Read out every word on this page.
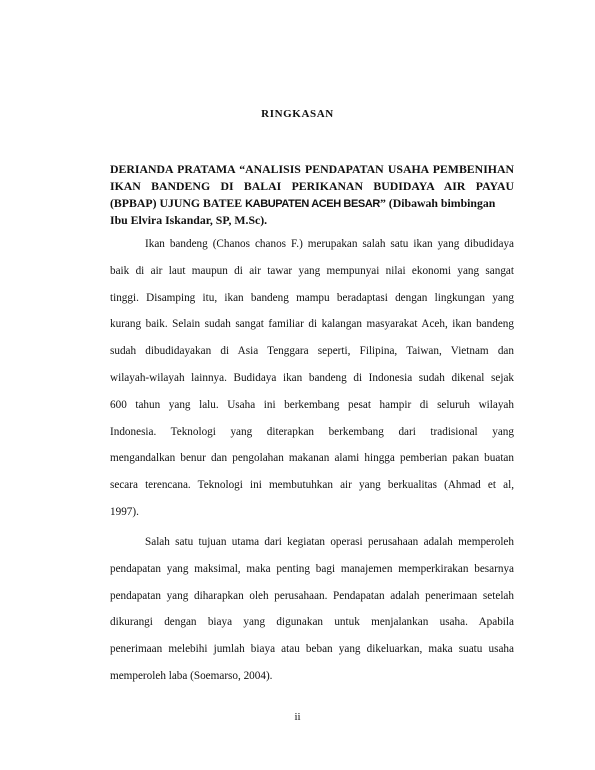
RINGKASAN
DERIANDA PRATAMA “ANALISIS PENDAPATAN USAHA PEMBENIHAN
IKAN BANDENG DI BALAI PERIKANAN BUDIDAYA AIR PAYAU
(BPBAP) UJUNG BATEE KABUPATEN ACEH BESAR” (Dibawah bimbingan
Ibu Elvira Iskandar, SP, M.Sc).
Ikan bandeng (Chanos chanos F.) merupakan salah satu ikan yang dibudidaya
baik di air laut maupun di air tawar yang mempunyai nilai ekonomi yang sangat
tinggi. Disamping itu, ikan bandeng mampu beradaptasi dengan lingkungan yang
kurang baik. Selain sudah sangat familiar di kalangan masyarakat Aceh, ikan bandeng
sudah dibudidayakan di Asia Tenggara seperti, Filipina, Taiwan, Vietnam dan
wilayah-wilayah lainnya. Budidaya ikan bandeng di Indonesia sudah dikenal sejak
600 tahun yang lalu. Usaha ini berkembang pesat hampir di seluruh wilayah
Indonesia. Teknologi yang diterapkan berkembang dari tradisional yang
mengandalkan benur dan pengolahan makanan alami hingga pemberian pakan buatan
secara terencana. Teknologi ini membutuhkan air yang berkualitas (Ahmad et al,
1997).
Salah satu tujuan utama dari kegiatan operasi perusahaan adalah memperoleh
pendapatan yang maksimal, maka penting bagi manajemen memperkirakan besarnya
pendapatan yang diharapkan oleh perusahaan. Pendapatan adalah penerimaan setelah
dikurangi dengan biaya yang digunakan untuk menjalankan usaha. Apabila
penerimaan melebihi jumlah biaya atau beban yang dikeluarkan, maka suatu usaha
memperoleh laba (Soemarso, 2004).
ii
